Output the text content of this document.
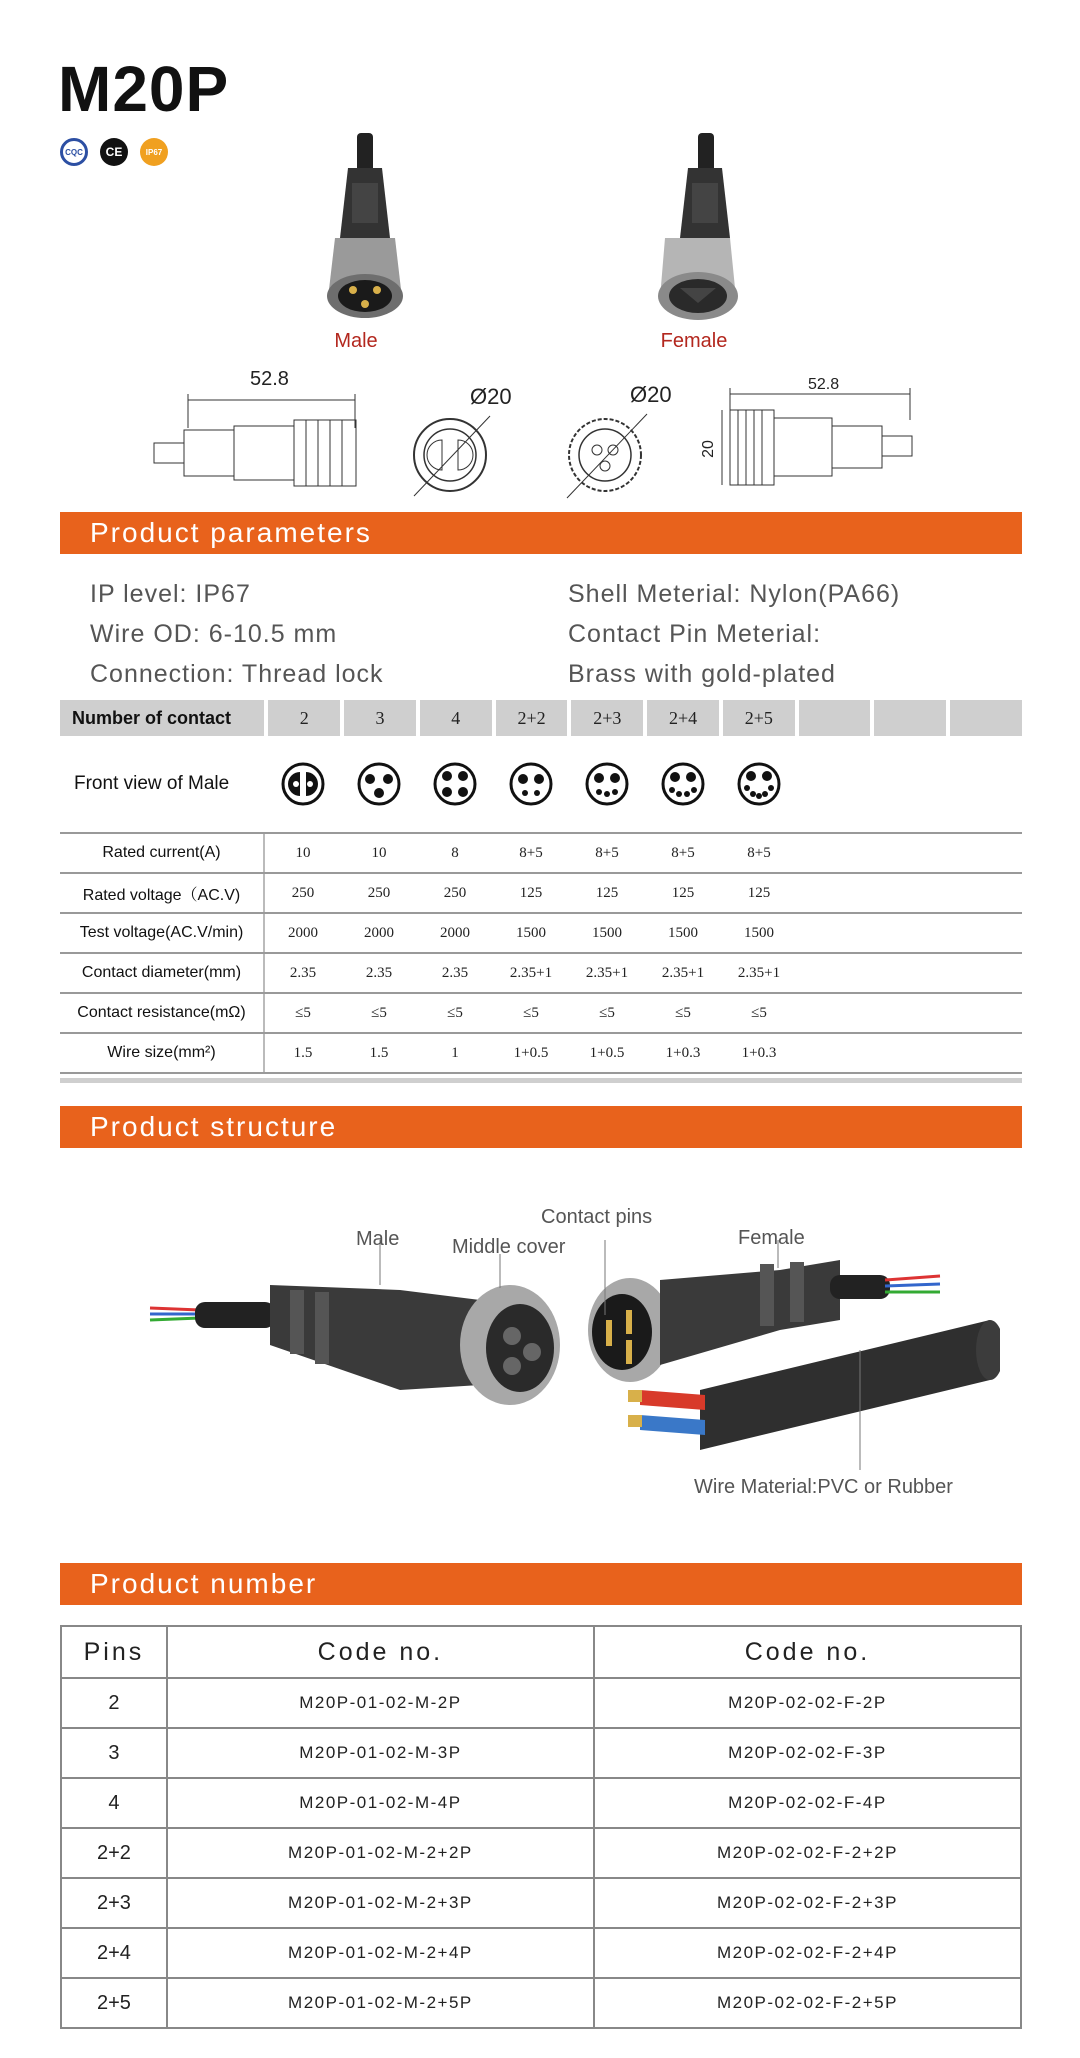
M20P
CQC	CE	IP67
Male	Female
52.8
Ø20	Ø20	52.8
20
Product parameters
IP level: IP67
Wire OD: 6-10.5 mm
Connection: Thread lock
Shell Meterial: Nylon(PA66)
Contact Pin Meterial:
Brass with gold-plated
Number of contact	2	3	4	2+2	2+3	2+4	2+5
Front view of Male
Rated current(A)	10	10	8	8+5	8+5	8+5	8+5
Rated voltage（AC.V)	250	250	250	125	125	125	125
Test voltage(AC.V/min)	2000	2000	2000	1500	1500	1500	1500
Contact diameter(mm)	2.35	2.35	2.35	2.35+1	2.35+1	2.35+1	2.35+1
Contact resistance(mΩ)	≤5	≤5	≤5	≤5	≤5	≤5	≤5
Wire size(mm²)	1.5	1.5	1	1+0.5	1+0.5	1+0.3	1+0.3
Product structure
Male	Middle cover
Contact pins
Female
Wire Material:PVC or Rubber
Product number
Pins	Code no.	Code no.
2	M20P-01-02-M-2P	M20P-02-02-F-2P
3	M20P-01-02-M-3P	M20P-02-02-F-3P
4	M20P-01-02-M-4P	M20P-02-02-F-4P
2+2	M20P-01-02-M-2+2P	M20P-02-02-F-2+2P
2+3	M20P-01-02-M-2+3P	M20P-02-02-F-2+3P
2+4	M20P-01-02-M-2+4P	M20P-02-02-F-2+4P
2+5	M20P-01-02-M-2+5P	M20P-02-02-F-2+5P
